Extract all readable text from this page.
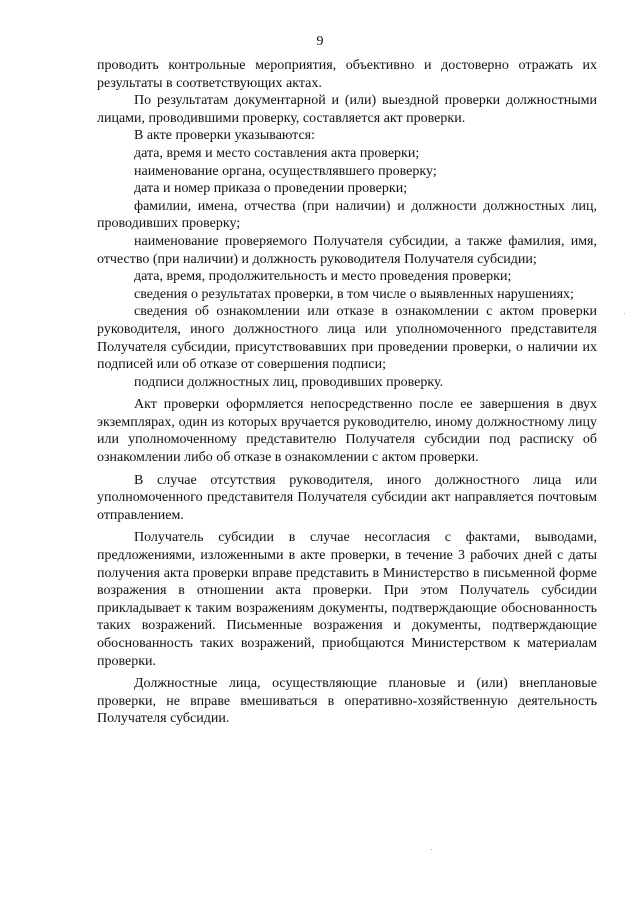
9

проводить контрольные мероприятия, объективно и достоверно отражать их результаты в соответствующих актах.

По результатам документарной и (или) выездной проверки должностными лицами, проводившими проверку, составляется акт проверки.

В акте проверки указываются:

дата, время и место составления акта проверки;

наименование органа, осуществлявшего проверку;

дата и номер приказа о проведении проверки;

фамилии, имена, отчества (при наличии) и должности должностных лиц, проводивших проверку;

наименование проверяемого Получателя субсидии, а также фамилия, имя, отчество (при наличии) и должность руководителя Получателя субсидии;

дата, время, продолжительность и место проведения проверки;

сведения о результатах проверки, в том числе о выявленных нарушениях;

сведения об ознакомлении или отказе в ознакомлении с актом проверки руководителя, иного должностного лица или уполномоченного представителя Получателя субсидии, присутствовавших при проведении проверки, о наличии их подписей или об отказе от совершения подписи;

подписи должностных лиц, проводивших проверку.

Акт проверки оформляется непосредственно после ее завершения в двух экземплярах, один из которых вручается руководителю, иному должностному лицу или уполномоченному представителю Получателя субсидии под расписку об ознакомлении либо об отказе в ознакомлении с актом проверки.

В случае отсутствия руководителя, иного должностного лица или уполномоченного представителя Получателя субсидии акт направляется почтовым отправлением.

Получатель субсидии в случае несогласия с фактами, выводами, предложениями, изложенными в акте проверки, в течение 3 рабочих дней с даты получения акта проверки вправе представить в Министерство в письменной форме возражения в отношении акта проверки. При этом Получатель субсидии прикладывает к таким возражениям документы, подтверждающие обоснованность таких возражений. Письменные возражения и документы, подтверждающие обоснованность таких возражений, приобщаются Министерством к материалам проверки.

Должностные лица, осуществляющие плановые и (или) внеплановые проверки, не вправе вмешиваться в оперативно-хозяйственную деятельность Получателя субсидии.
